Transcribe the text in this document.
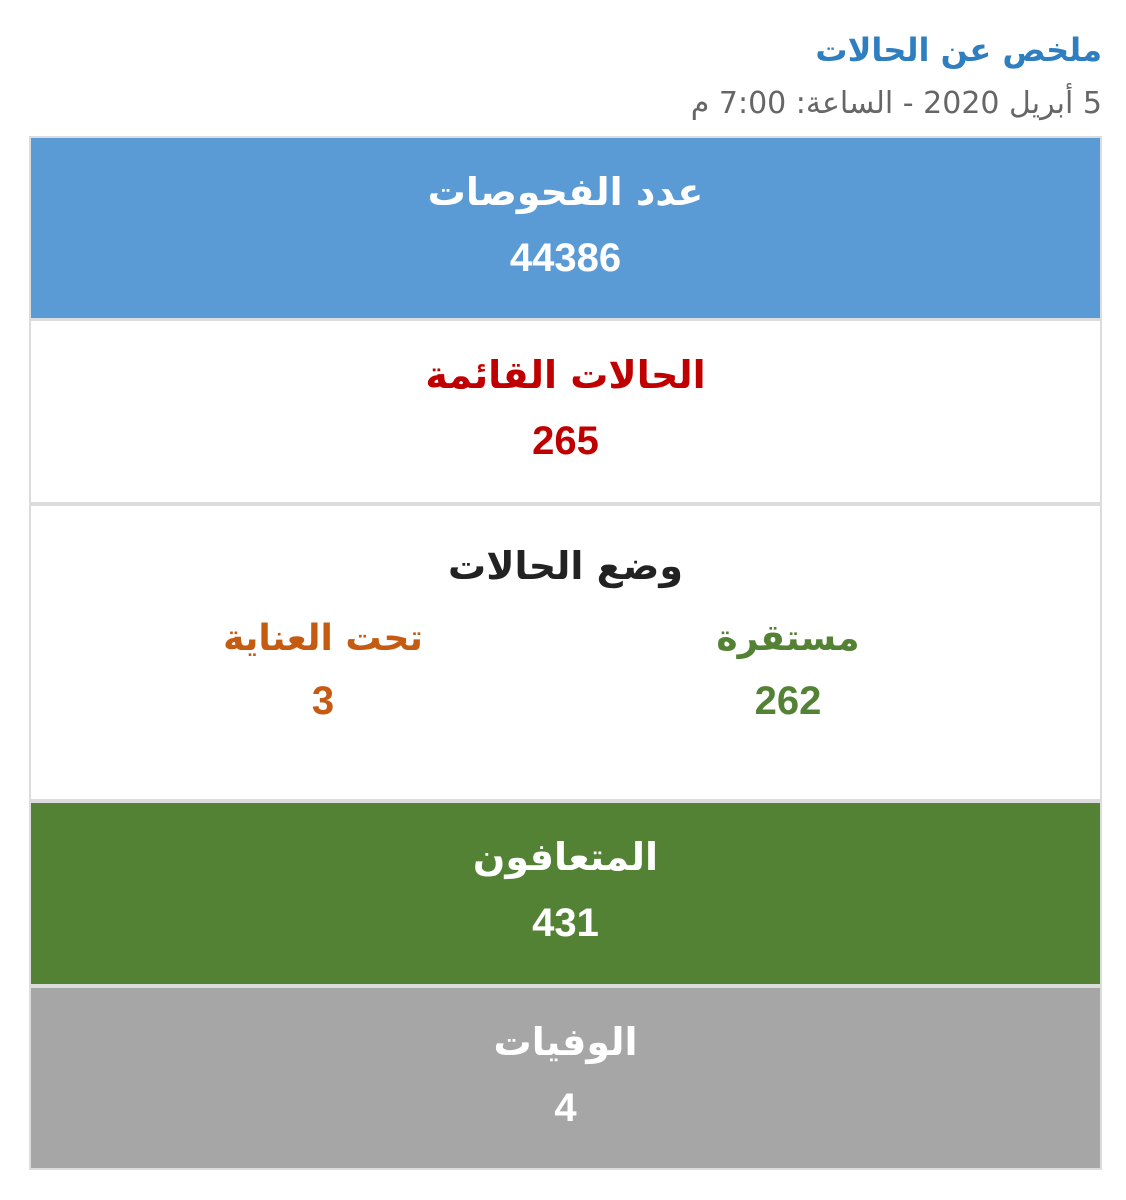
ملخص عن الحالات
5 أبريل 2020 - الساعة: 7:00 م
عدد الفحوصات
44386
الحالات القائمة
265
وضع الحالات
مستقرة
262
تحت العناية
3
المتعافون
431
الوفيات
4
